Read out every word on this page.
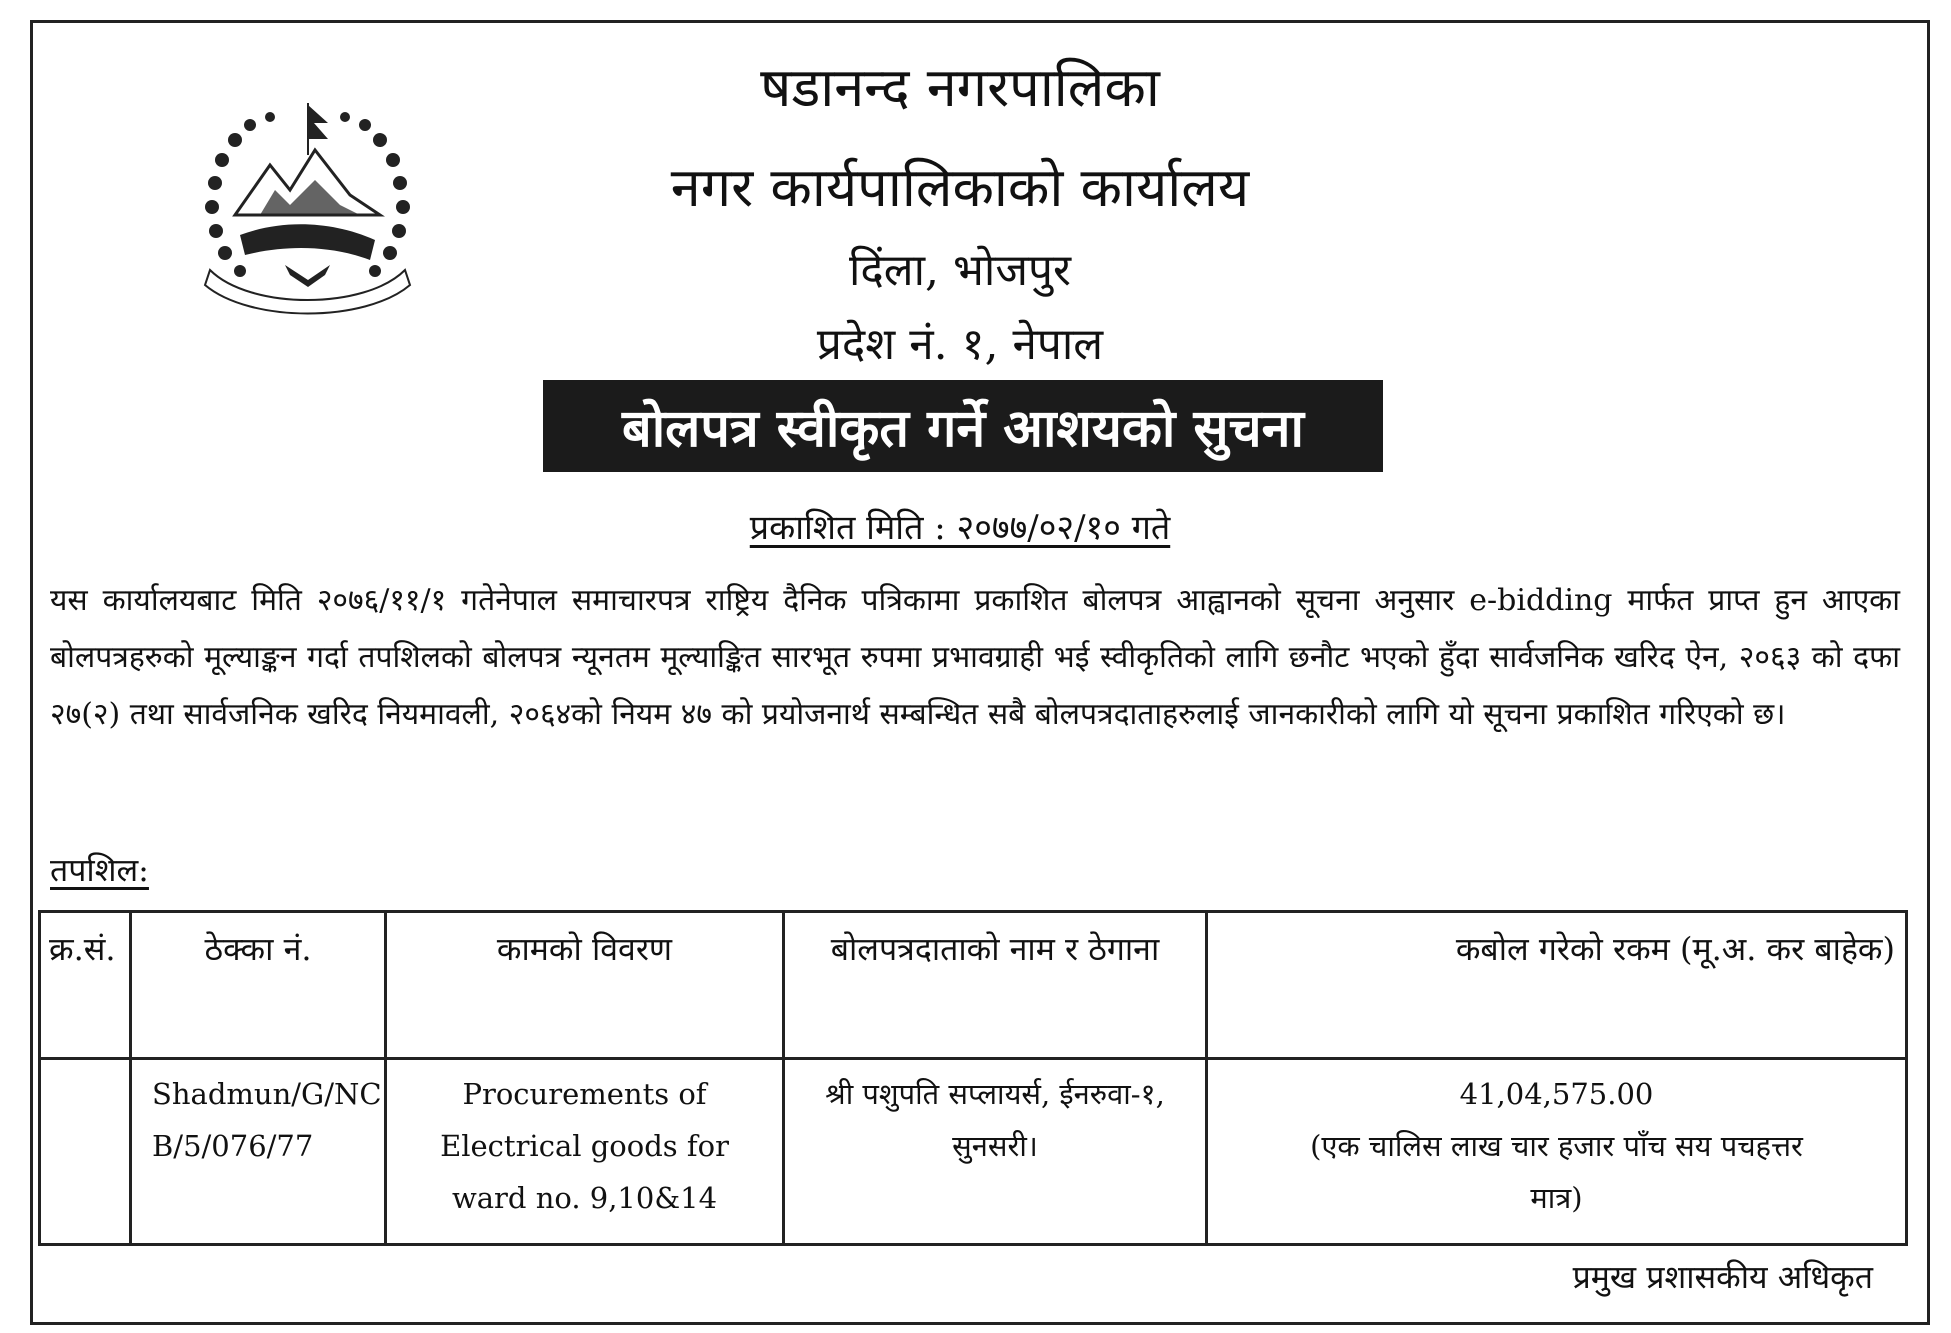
षडानन्द नगरपालिका
नगर कार्यपालिकाको कार्यालय
दिंला, भोजपुर
प्रदेश नं. १, नेपाल
बोलपत्र स्वीकृत गर्ने आशयको सुचना
प्रकाशित मिति : २०७७/०२/१० गते
यस कार्यालयबाट मिति २०७६/११/१ गतेनेपाल समाचारपत्र राष्ट्रिय दैनिक पत्रिकामा प्रकाशित बोलपत्र आह्वानको सूचना अनुसार e-bidding मार्फत प्राप्त हुन आएका बोलपत्रहरुको मूल्याङ्कन गर्दा तपशिलको बोलपत्र न्यूनतम मूल्याङ्कित सारभूत रुपमा प्रभावग्राही भई स्वीकृतिको लागि छनौट भएको हुँदा सार्वजनिक खरिद ऐन, २०६३ को दफा २७(२) तथा सार्वजनिक खरिद नियमावली, २०६४को नियम ४७ को प्रयोजनार्थ सम्बन्धित सबै बोलपत्रदाताहरुलाई जानकारीको लागि यो सूचना प्रकाशित गरिएको छ।
तपशिल:
क्र.सं.	ठेक्का नं.	कामको विवरण	बोलपत्रदाताको नाम र ठेगाना	कबोल गरेको रकम (मू.अ. कर बाहेक)
	Shadmun/G/NCB/5/076/77	Procurements of Electrical goods for ward no. 9,10&14	श्री पशुपति सप्लायर्स, ईनरुवा-१, सुनसरी।	41,04,575.00
(एक चालिस लाख चार हजार पाँच सय पचहत्तर मात्र)
प्रमुख प्रशासकीय अधिकृत
